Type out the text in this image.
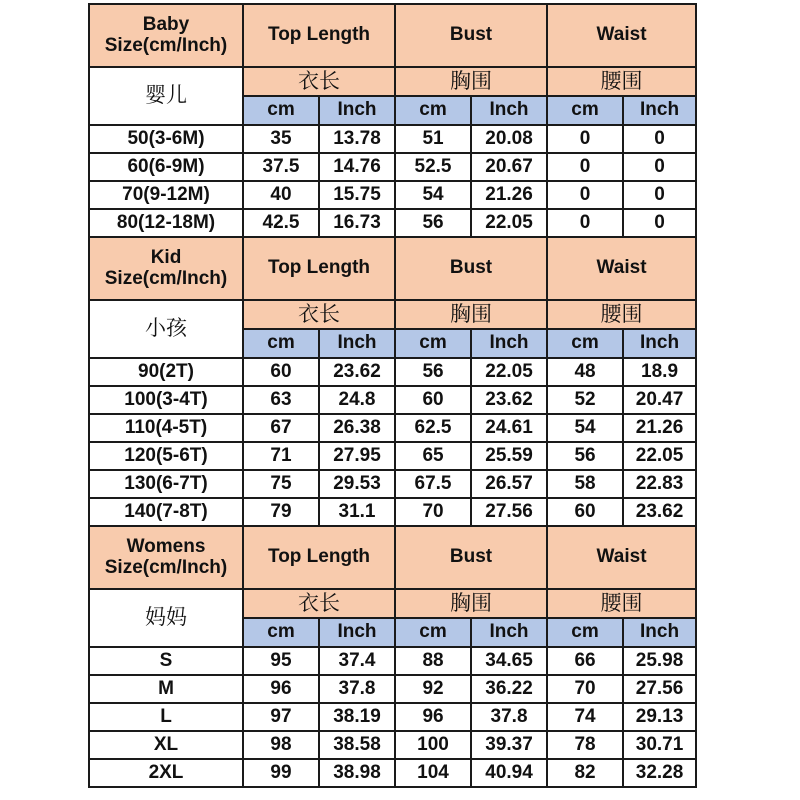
Baby
Size(cm/Inch)	Top Length		Bust		Waist	
婴儿	衣长		胸围		腰围	
	cm	Inch	cm	Inch	cm	Inch
50(3-6M)	35	13.78	51	20.08	0	0
60(6-9M)	37.5	14.76	52.5	20.67	0	0
70(9-12M)	40	15.75	54	21.26	0	0
80(12-18M)	42.5	16.73	56	22.05	0	0
Kid
Size(cm/Inch)	Top Length		Bust		Waist	
小孩	衣长		胸围		腰围	
	cm	Inch	cm	Inch	cm	Inch
90(2T)	60	23.62	56	22.05	48	18.9
100(3-4T)	63	24.8	60	23.62	52	20.47
110(4-5T)	67	26.38	62.5	24.61	54	21.26
120(5-6T)	71	27.95	65	25.59	56	22.05
130(6-7T)	75	29.53	67.5	26.57	58	22.83
140(7-8T)	79	31.1	70	27.56	60	23.62
Womens
Size(cm/Inch)	Top Length		Bust		Waist	
妈妈	衣长		胸围		腰围	
	cm	Inch	cm	Inch	cm	Inch
S	95	37.4	88	34.65	66	25.98
M	96	37.8	92	36.22	70	27.56
L	97	38.19	96	37.8	74	29.13
XL	98	38.58	100	39.37	78	30.71
2XL	99	38.98	104	40.94	82	32.28
